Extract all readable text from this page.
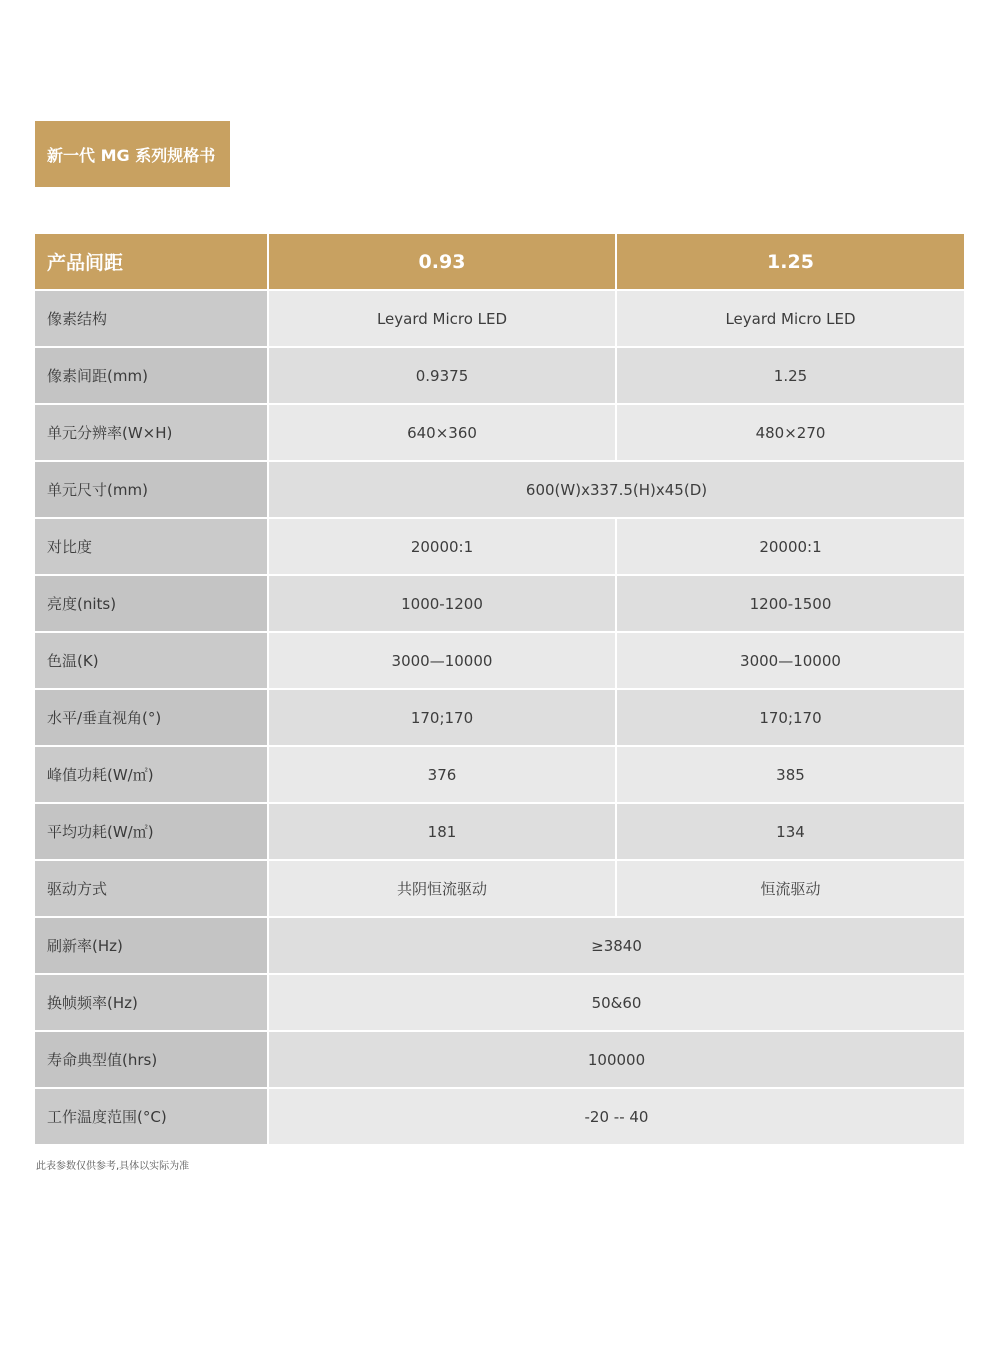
新一代 MG 系列规格书
产品间距	0.93	1.25
像素结构	Leyard Micro LED	Leyard Micro LED
像素间距(mm)	0.9375	1.25
单元分辨率(W×H)	640×360	480×270
单元尺寸(mm)	600(W)x337.5(H)x45(D)	
对比度	20000:1	20000:1
亮度(nits)	1000-1200	1200-1500
色温(K)	3000—10000	3000—10000
水平/垂直视角(°)	170;170	170;170
峰值功耗(W/㎡)	376	385
平均功耗(W/㎡)	181	134
驱动方式	共阴恒流驱动	恒流驱动
刷新率(Hz)	≥3840	
换帧频率(Hz)	50&60	
寿命典型值(hrs)	100000	
工作温度范围(°C)	-20 -- 40	
此表参数仅供参考,具体以实际为准
